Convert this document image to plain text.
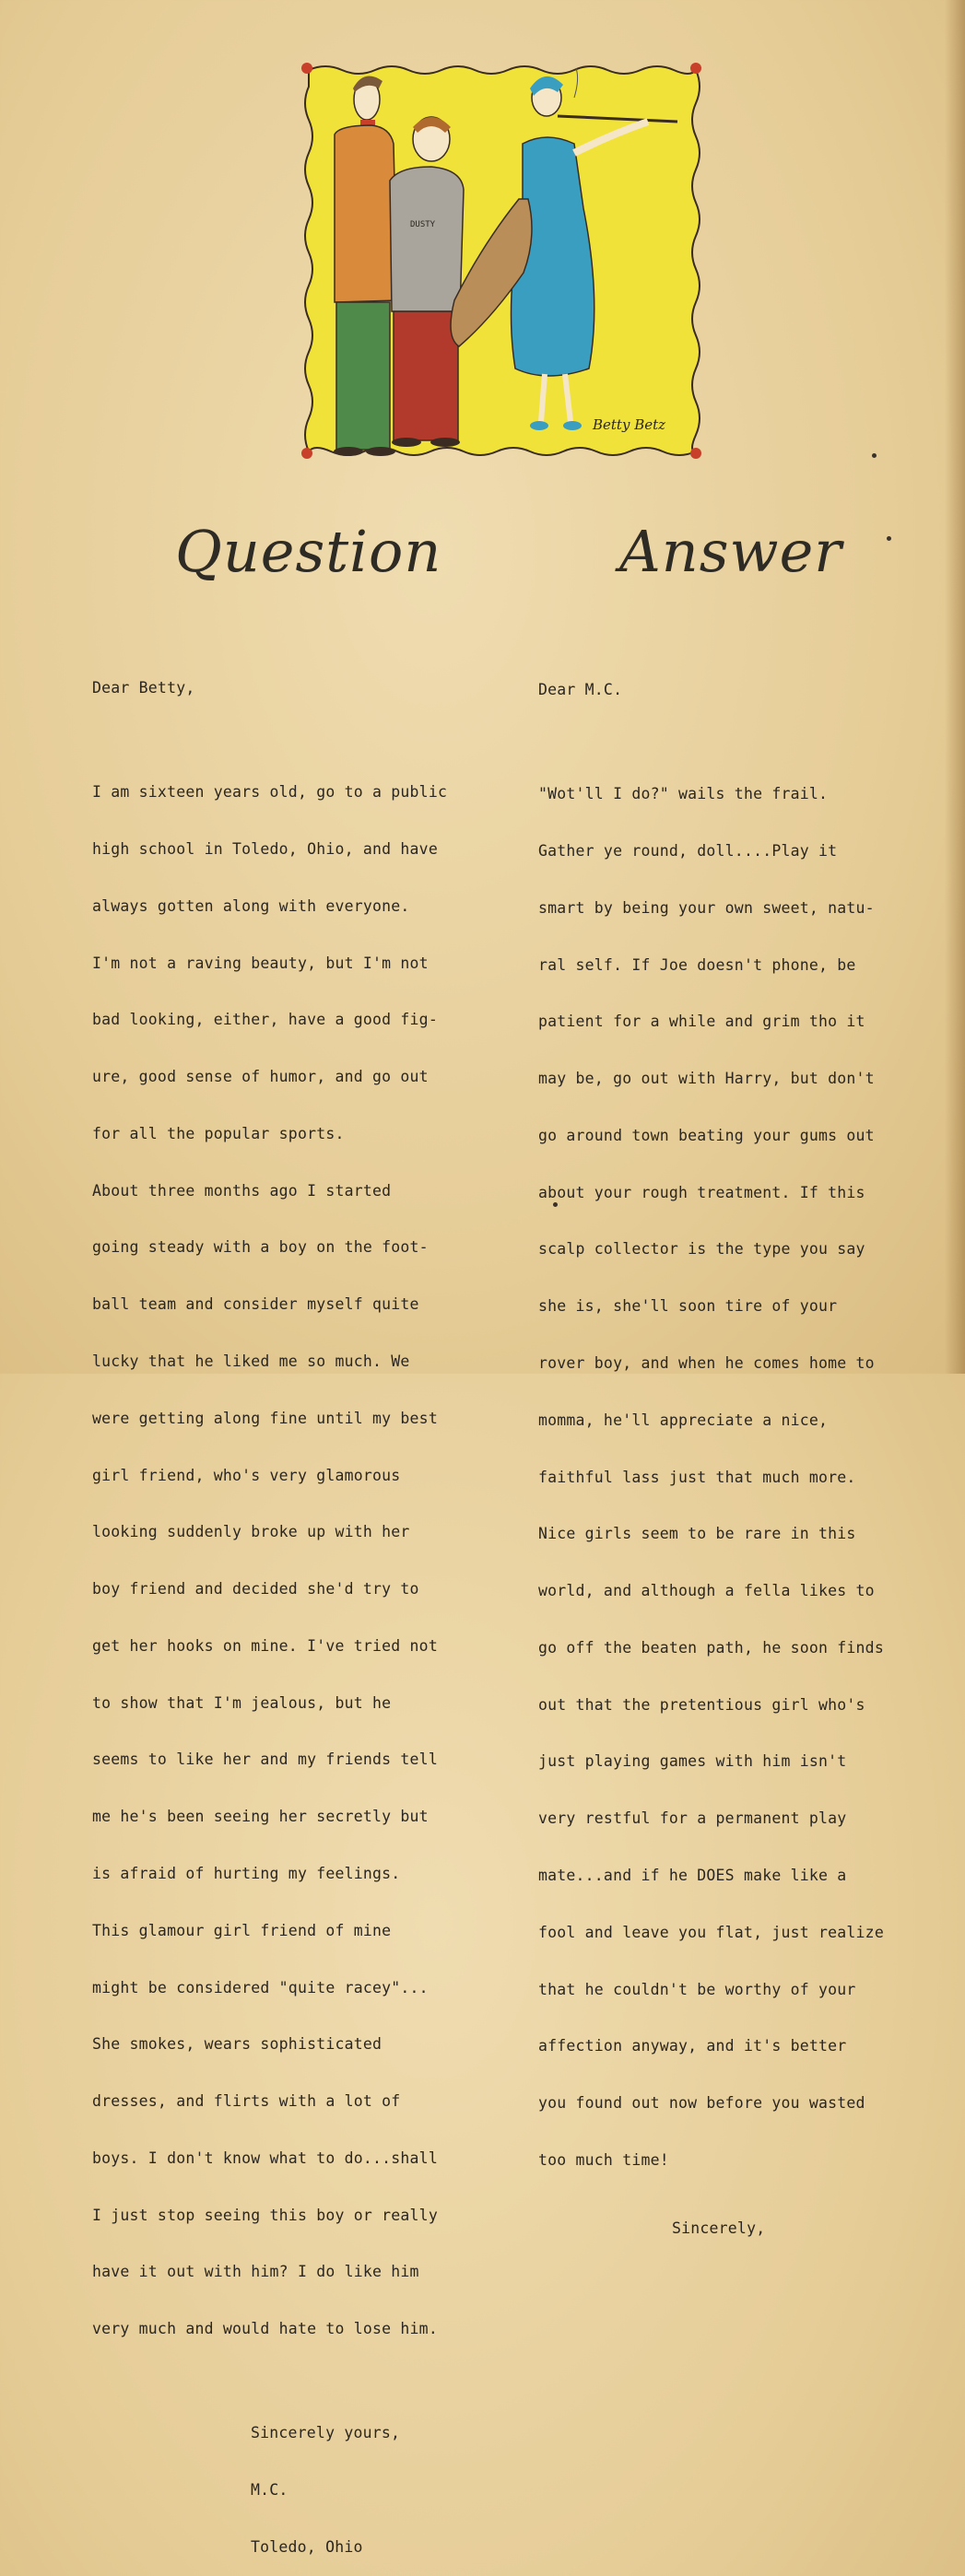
DUSTY
Betty Betz
Question	Answer

Dear Betty,

I am sixteen years old, go to a public

high school in Toledo, Ohio, and have

always gotten along with everyone.

I'm not a raving beauty, but I'm not

bad looking, either, have a good fig-

ure, good sense of humor, and go out

for all the popular sports.

About three months ago I started

going steady with a boy on the foot-

ball team and consider myself quite

lucky that he liked me so much. We

were getting along fine until my best

girl friend, who's very glamorous

looking suddenly broke up with her

boy friend and decided she'd try to

get her hooks on mine. I've tried not

to show that I'm jealous, but he

seems to like her and my friends tell

me he's been seeing her secretly but

is afraid of hurting my feelings.

This glamour girl friend of mine

might be considered "quite racey"...

She smokes, wears sophisticated

dresses, and flirts with a lot of

boys. I don't know what to do...shall

I just stop seeing this boy or really

have it out with him? I do like him

very much and would hate to lose him.

Sincerely yours,

M.C.

Toledo, Ohio

Dear M.C.

"Wot'll I do?" wails the frail.

Gather ye round, doll....Play it

smart by being your own sweet, natu-

ral self. If Joe doesn't phone, be

patient for a while and grim tho it

may be, go out with Harry, but don't

go around town beating your gums out

about your rough treatment. If this

scalp collector is the type you say

she is, she'll soon tire of your

rover boy, and when he comes home to

momma, he'll appreciate a nice,

faithful lass just that much more.

Nice girls seem to be rare in this

world, and although a fella likes to

go off the beaten path, he soon finds

out that the pretentious girl who's

just playing games with him isn't

very restful for a permanent play

mate...and if he DOES make like a

fool and leave you flat, just realize

that he couldn't be worthy of your

affection anyway, and it's better

you found out now before you wasted

too much time!

Sincerely,
